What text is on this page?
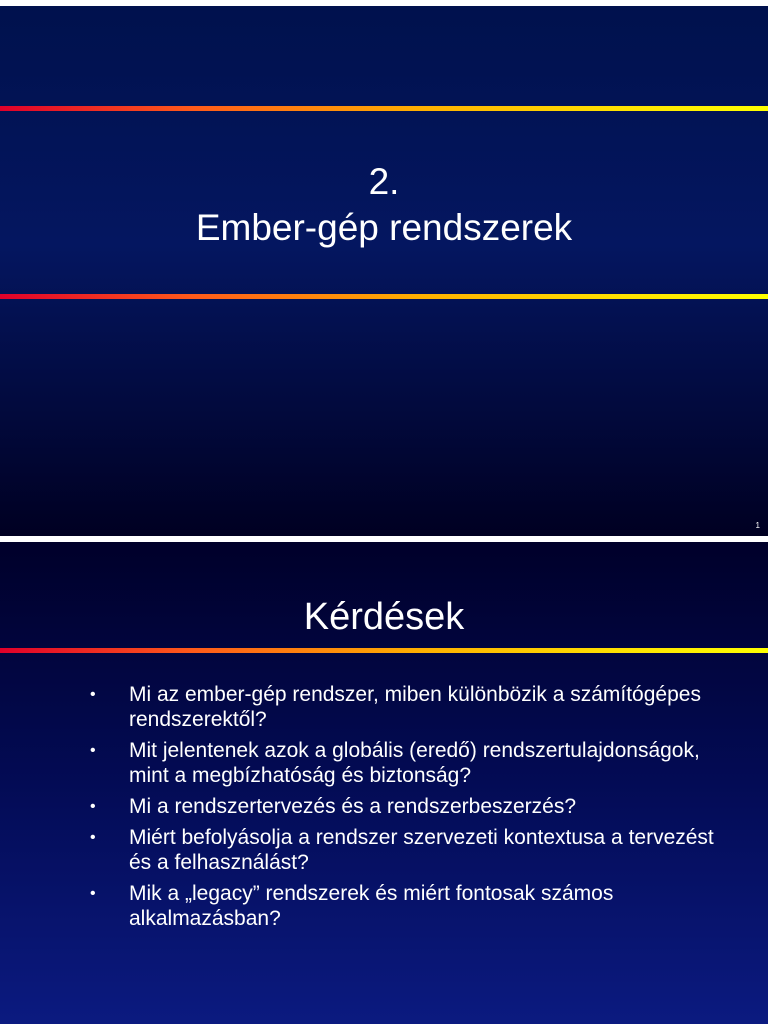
2.
Ember-gép rendszerek
1
Kérdések
• Mi az ember-gép rendszer, miben különbözik a számítógépes rendszerektől?
• Mit jelentenek azok a globális (eredő) rendszertulajdonságok, mint a megbízhatóság és biztonság?
• Mi a rendszertervezés és a rendszerbeszerzés?
• Miért befolyásolja a rendszer szervezeti kontextusa a tervezést és a felhasználást?
• Mik a „legacy” rendszerek és miért fontosak számos alkalmazásban?
